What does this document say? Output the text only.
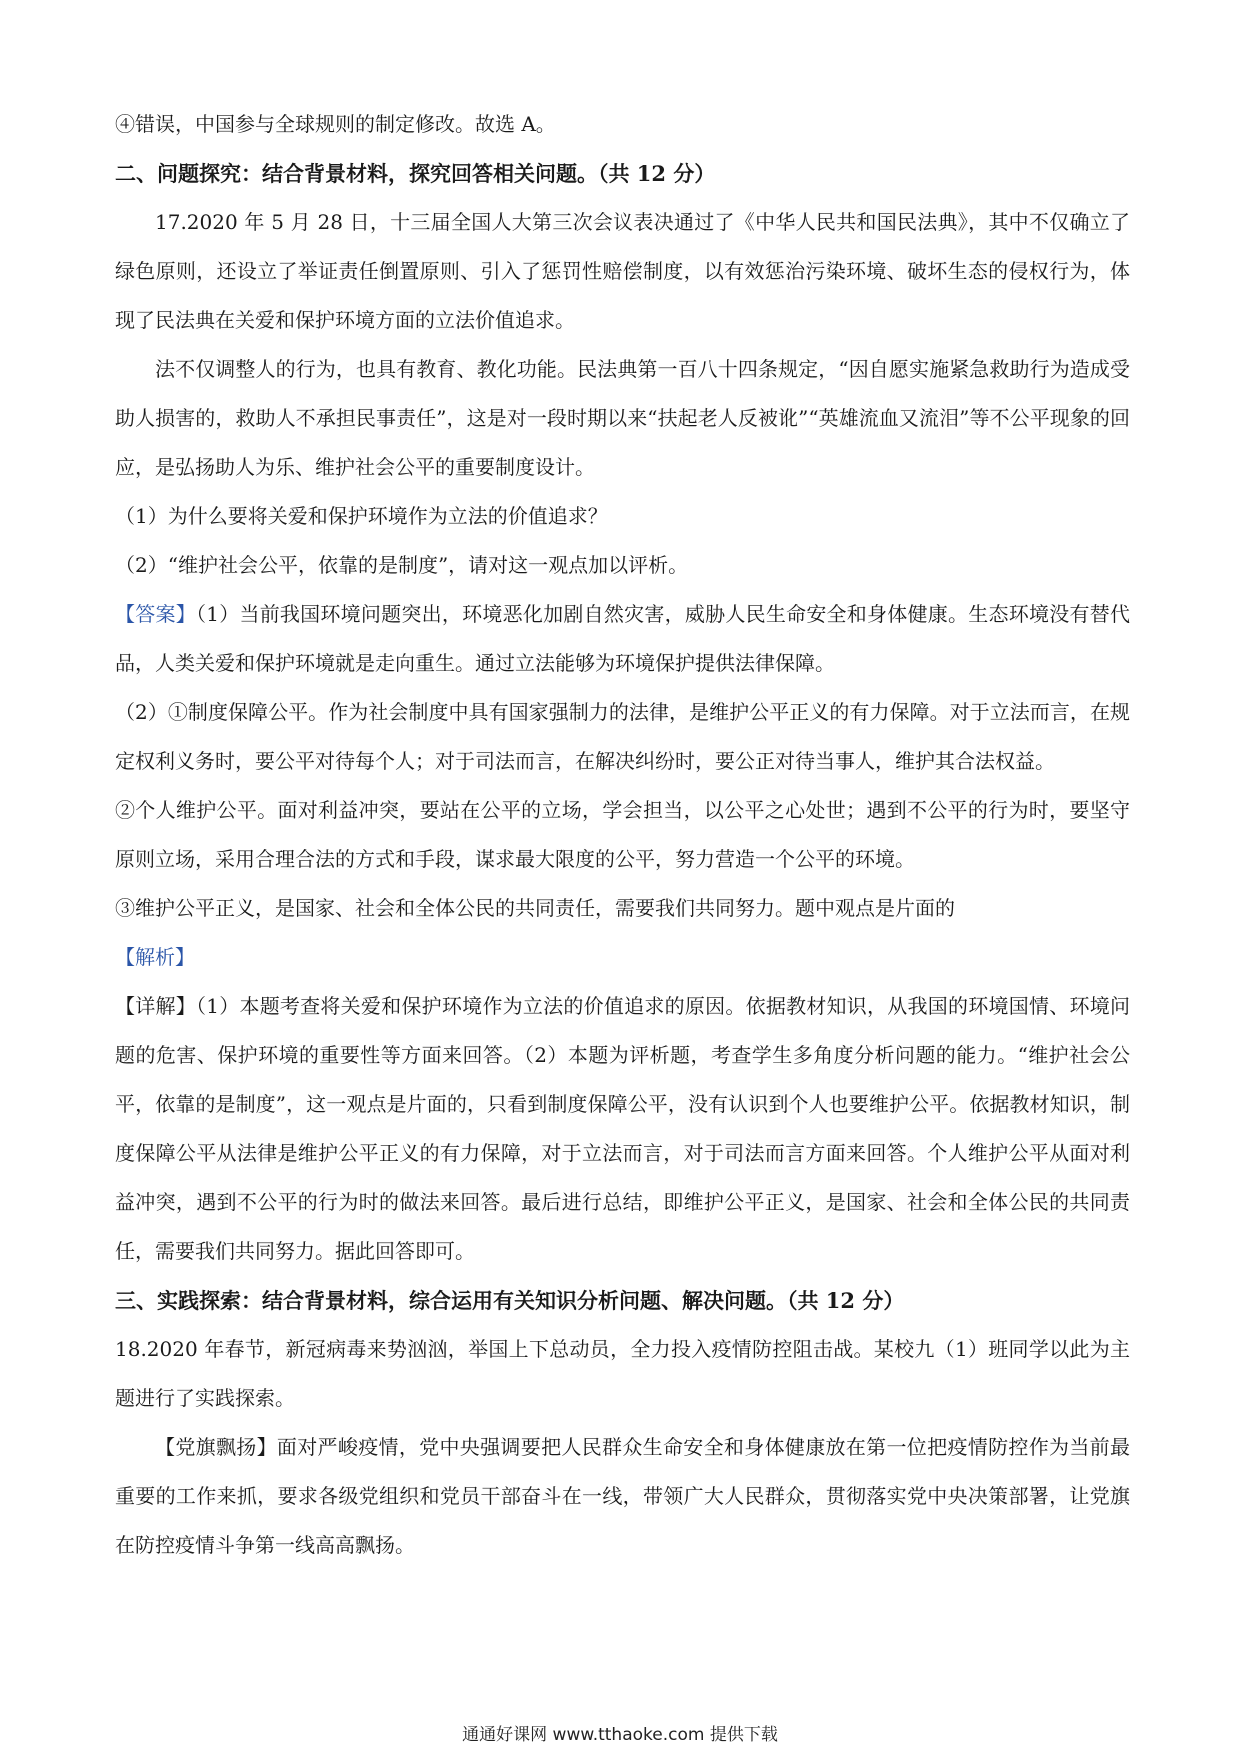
④错误，中国参与全球规则的制定修改。故选 A。

二、问题探究：结合背景材料，探究回答相关问题。（共 12 分）

17.2020 年 5 月 28 日，十三届全国人大第三次会议表决通过了《中华人民共和国民法典》，其中不仅确立了绿色原则，还设立了举证责任倒置原则、引入了惩罚性赔偿制度，以有效惩治污染环境、破坏生态的侵权行为，体现了民法典在关爱和保护环境方面的立法价值追求。

法不仅调整人的行为，也具有教育、教化功能。民法典第一百八十四条规定，“因自愿实施紧急救助行为造成受助人损害的，救助人不承担民事责任”，这是对一段时期以来“扶起老人反被讹”“英雄流血又流泪”等不公平现象的回应，是弘扬助人为乐、维护社会公平的重要制度设计。

（1）为什么要将关爱和保护环境作为立法的价值追求？

（2）“维护社会公平，依靠的是制度”，请对这一观点加以评析。

【答案】（1）当前我国环境问题突出，环境恶化加剧自然灾害，威胁人民生命安全和身体健康。生态环境没有替代品，人类关爱和保护环境就是走向重生。通过立法能够为环境保护提供法律保障。

（2）①制度保障公平。作为社会制度中具有国家强制力的法律，是维护公平正义的有力保障。对于立法而言，在规定权利义务时，要公平对待每个人；对于司法而言，在解决纠纷时，要公正对待当事人，维护其合法权益。

②个人维护公平。面对利益冲突，要站在公平的立场，学会担当，以公平之心处世；遇到不公平的行为时，要坚守原则立场，采用合理合法的方式和手段，谋求最大限度的公平，努力营造一个公平的环境。

③维护公平正义，是国家、社会和全体公民的共同责任，需要我们共同努力。题中观点是片面的

【解析】

【详解】（1）本题考查将关爱和保护环境作为立法的价值追求的原因。依据教材知识，从我国的环境国情、环境问题的危害、保护环境的重要性等方面来回答。（2）本题为评析题，考查学生多角度分析问题的能力。“维护社会公平，依靠的是制度”，这一观点是片面的，只看到制度保障公平，没有认识到个人也要维护公平。依据教材知识，制度保障公平从法律是维护公平正义的有力保障，对于立法而言，对于司法而言方面来回答。个人维护公平从面对利益冲突，遇到不公平的行为时的做法来回答。最后进行总结，即维护公平正义，是国家、社会和全体公民的共同责任，需要我们共同努力。据此回答即可。

三、实践探索：结合背景材料，综合运用有关知识分析问题、解决问题。（共 12 分）

18.2020 年春节，新冠病毒来势汹汹，举国上下总动员，全力投入疫情防控阻击战。某校九（1）班同学以此为主题进行了实践探索。

【党旗飘扬】面对严峻疫情，党中央强调要把人民群众生命安全和身体健康放在第一位把疫情防控作为当前最重要的工作来抓，要求各级党组织和党员干部奋斗在一线，带领广大人民群众，贯彻落实党中央决策部署，让党旗在防控疫情斗争第一线高高飘扬。

通通好课网 www.tthaoke.com 提供下载
